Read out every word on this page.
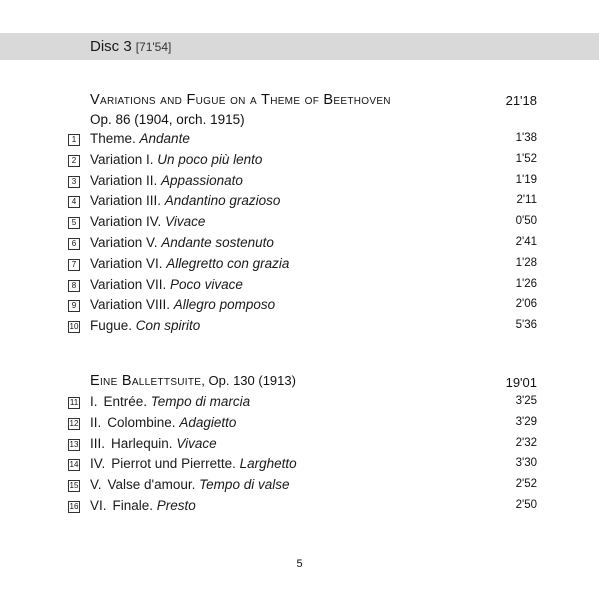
Disc 3 [71'54]
Variations and Fugue on a Theme of Beethoven	21'18
Op. 86 (1904, orch. 1915)
1 Theme. Andante	1'38
2 Variation I. Un poco più lento	1'52
3 Variation II. Appassionato	1'19
4 Variation III. Andantino grazioso	2'11
5 Variation IV. Vivace	0'50
6 Variation V. Andante sostenuto	2'41
7 Variation VI. Allegretto con grazia	1'28
8 Variation VII. Poco vivace	1'26
9 Variation VIII. Allegro pomposo	2'06
10 Fugue. Con spirito	5'36
Eine Ballettsuite, Op. 130 (1913)	19'01
11 I. Entrée. Tempo di marcia	3'25
12 II. Colombine. Adagietto	3'29
13 III. Harlequin. Vivace	2'32
14 IV. Pierrot und Pierrette. Larghetto	3'30
15 V. Valse d'amour. Tempo di valse	2'52
16 VI. Finale. Presto	2'50
5
